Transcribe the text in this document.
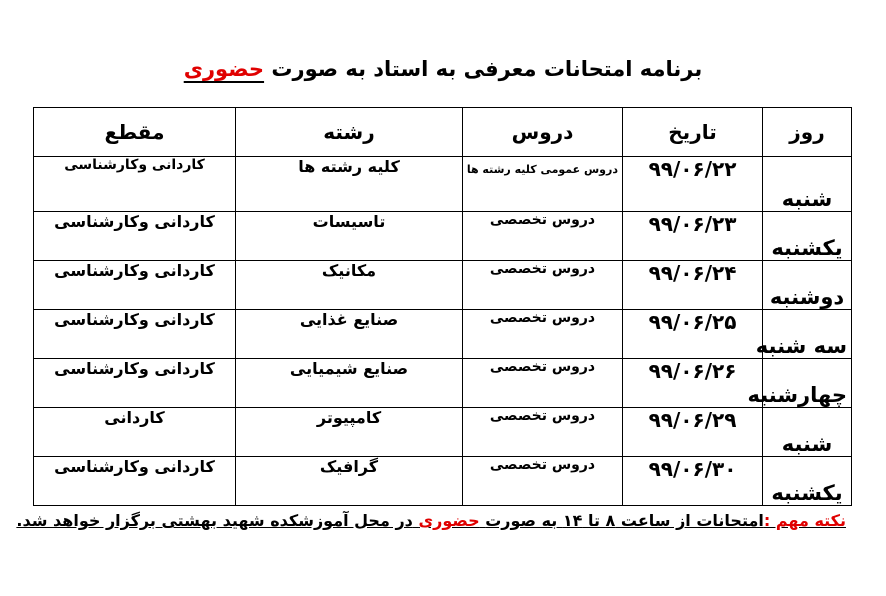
برنامه امتحانات معرفی به استاد به صورت حضوری
روز	تاریخ	دروس	رشته	مقطع
شنبه	۹۹/۰۶/۲۲	دروس عمومی کلیه رشته ها	کلیه رشته ها	کاردانی وکارشناسی
یکشنبه	۹۹/۰۶/۲۳	دروس تخصصی	تاسیسات	کاردانی وکارشناسی
دوشنبه	۹۹/۰۶/۲۴	دروس تخصصی	مکانیک	کاردانی وکارشناسی
سه شنبه	۹۹/۰۶/۲۵	دروس تخصصی	صنایع غذایی	کاردانی وکارشناسی
چهارشنبه	۹۹/۰۶/۲۶	دروس تخصصی	صنایع شیمیایی	کاردانی وکارشناسی
شنبه	۹۹/۰۶/۲۹	دروس تخصصی	کامپیوتر	کاردانی
یکشنبه	۹۹/۰۶/۳۰	دروس تخصصی	گرافیک	کاردانی وکارشناسی
نکته مهم :امتحانات از ساعت ۸ تا ۱۴ به صورت حضوری در محل آموزشکده شهید بهشتی برگزار خواهد شد.
